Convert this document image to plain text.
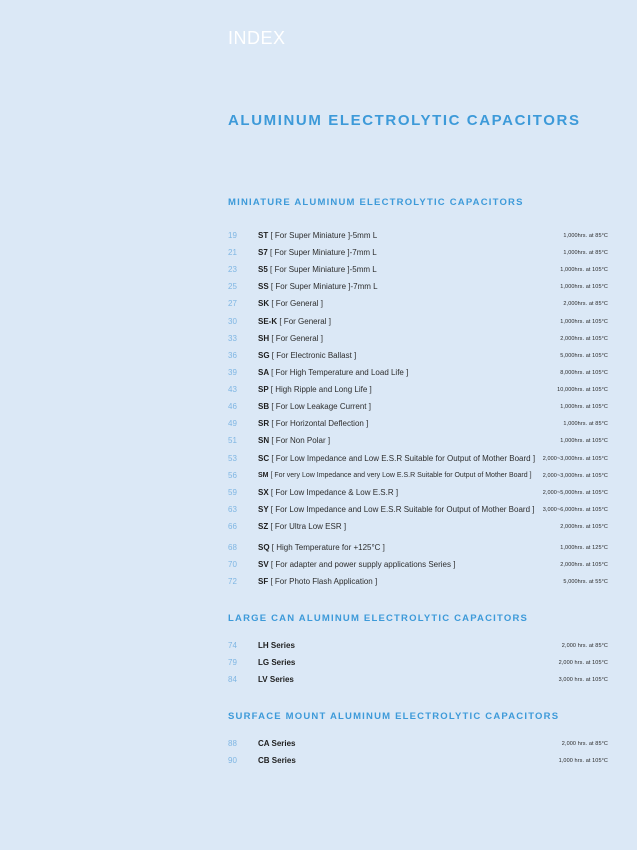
INDEX
ALUMINUM ELECTROLYTIC CAPACITORS
MINIATURE ALUMINUM ELECTROLYTIC CAPACITORS
19	ST [ For Super Miniature ]-5mm L	1,000hrs. at 85°C
21	S7 [ For Super Miniature ]-7mm L	1,000hrs. at 85°C
23	S5 [ For Super Miniature ]-5mm L	1,000hrs. at 105°C
25	SS [ For Super Miniature ]-7mm L	1,000hrs. at 105°C
27	SK [ For General ]	2,000hrs. at 85°C
30	SE-K [ For General ]	1,000hrs. at 105°C
33	SH [ For General ]	2,000hrs. at 105°C
36	SG [ For Electronic Ballast ]	5,000hrs. at 105°C
39	SA [ For High Temperature and Load Life ]	8,000hrs. at 105°C
43	SP [ High Ripple and Long Life ]	10,000hrs. at 105°C
46	SB [ For Low Leakage Current ]	1,000hrs. at 105°C
49	SR [ For Horizontal Deflection ]	1,000hrs. at 85°C
51	SN [ For Non Polar ]	1,000hrs. at 105°C
53	SC [ For Low Impedance and Low E.S.R Suitable for Output of Mother Board ] 2,000~3,000hrs. at 105°C
56	SM [ For very Low Impedance and very Low E.S.R Suitable for Output of Mother Board ] 2,000~3,000hrs. at 105°C
59	SX [ For Low Impedance & Low E.S.R ]	2,000~5,000hrs. at 105°C
63	SY [ For Low Impedance and Low E.S.R Suitable for Output of Mother Board ] 3,000~6,000hrs. at 105°C
66	SZ [ For Ultra Low ESR ]	2,000hrs. at 105°C
68	SQ [ High Temperature for +125°C ]	1,000hrs. at 125°C
70	SV [ For adapter and power supply applications Series ]	2,000hrs. at 105°C
72	SF [ For Photo Flash Application ]	5,000hrs. at 55°C
LARGE CAN ALUMINUM ELECTROLYTIC CAPACITORS
74	LH Series	2,000 hrs. at 85°C
79	LG Series	2,000 hrs. at 105°C
84	LV Series	3,000 hrs. at 105°C
SURFACE MOUNT ALUMINUM ELECTROLYTIC CAPACITORS
88	CA Series	2,000 hrs. at 85°C
90	CB Series	1,000 hrs. at 105°C
